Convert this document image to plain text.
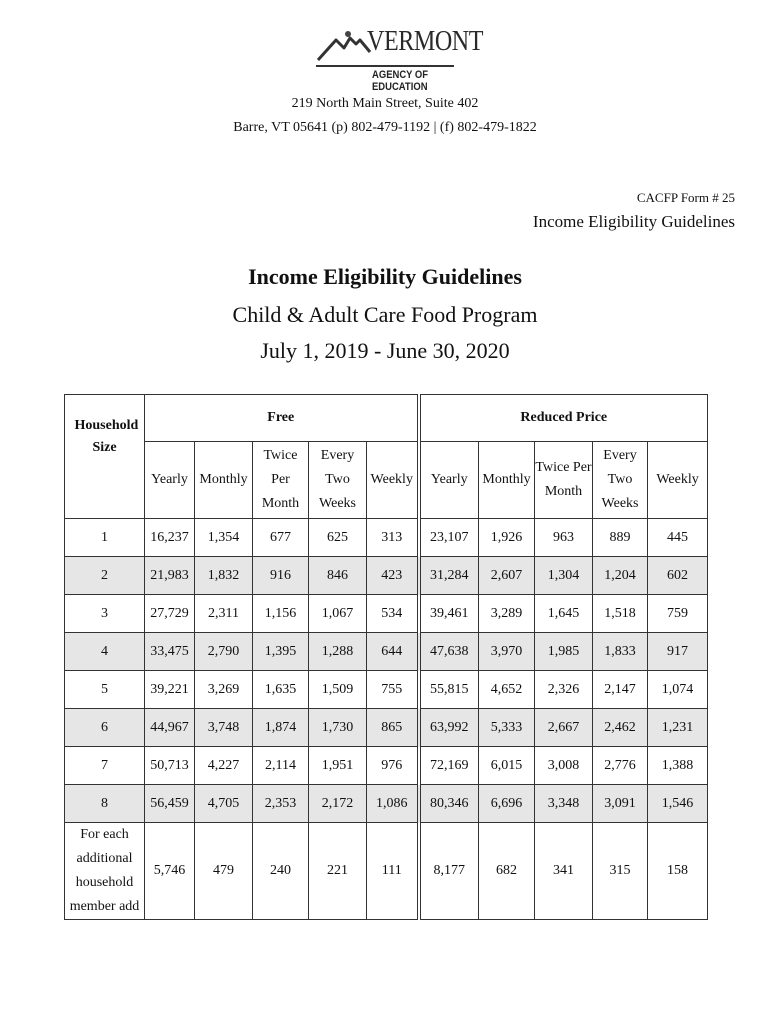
VERMONT
AGENCY OF EDUCATION
219 North Main Street, Suite 402
Barre, VT 05641 (p) 802-479-1192 | (f) 802-479-1822
CACFP Form # 25
Income Eligibility Guidelines
Income Eligibility Guidelines
Child & Adult Care Food Program
July 1, 2019 - June 30, 2020
Household Size	Free					Reduced Price				
	Yearly	Monthly	Twice Per Month	Every Two Weeks	Weekly	Yearly	Monthly	Twice Per Month	Every Two Weeks	Weekly
1	16,237	1,354	677	625	313	23,107	1,926	963	889	445
2	21,983	1,832	916	846	423	31,284	2,607	1,304	1,204	602
3	27,729	2,311	1,156	1,067	534	39,461	3,289	1,645	1,518	759
4	33,475	2,790	1,395	1,288	644	47,638	3,970	1,985	1,833	917
5	39,221	3,269	1,635	1,509	755	55,815	4,652	2,326	2,147	1,074
6	44,967	3,748	1,874	1,730	865	63,992	5,333	2,667	2,462	1,231
7	50,713	4,227	2,114	1,951	976	72,169	6,015	3,008	2,776	1,388
8	56,459	4,705	2,353	2,172	1,086	80,346	6,696	3,348	3,091	1,546
For each additional household member add	5,746	479	240	221	111	8,177	682	341	315	158
